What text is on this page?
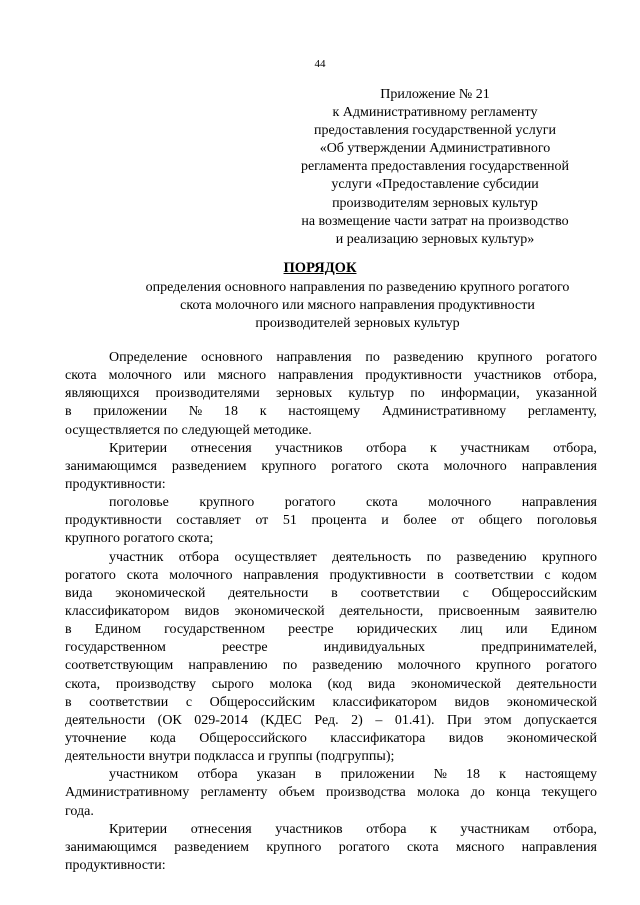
44
Приложение № 21
к Административному регламенту
предоставления государственной услуги
«Об утверждении Административного
регламента предоставления государственной
услуги «Предоставление субсидии
производителям зерновых культур
на возмещение части затрат на производство
и реализацию зерновых культур»
ПОРЯДОК
определения основного направления по разведению крупного рогатого
скота молочного или мясного направления продуктивности
производителей зерновых культур
Определение основного направления по разведению крупного рогатого
скота молочного или мясного направления продуктивности участников отбора,
являющихся производителями зерновых культур по информации, указанной
в приложении № 18 к настоящему Административному регламенту,
осуществляется по следующей методике.
Критерии отнесения участников отбора к участникам отбора,
занимающимся разведением крупного рогатого скота молочного направления
продуктивности:
поголовье крупного рогатого скота молочного направления
продуктивности составляет от 51 процента и более от общего поголовья
крупного рогатого скота;
участник отбора осуществляет деятельность по разведению крупного
рогатого скота молочного направления продуктивности в соответствии с кодом
вида экономической деятельности в соответствии с Общероссийским
классификатором видов экономической деятельности, присвоенным заявителю
в Едином государственном реестре юридических лиц или Едином
государственном	реестре	индивидуальных	предпринимателей,
соответствующим направлению по разведению молочного крупного рогатого
скота, производству сырого молока (код вида экономической деятельности
в соответствии с Общероссийским классификатором видов экономической
деятельности (ОК 029-2014 (КДЕС Ред. 2) – 01.41). При этом допускается
уточнение кода Общероссийского классификатора видов экономической
деятельности внутри подкласса и группы (подгруппы);
участником отбора указан в приложении № 18 к настоящему
Административному регламенту объем производства молока до конца текущего
года.
Критерии отнесения участников отбора к участникам отбора,
занимающимся разведением крупного рогатого скота мясного направления
продуктивности:
